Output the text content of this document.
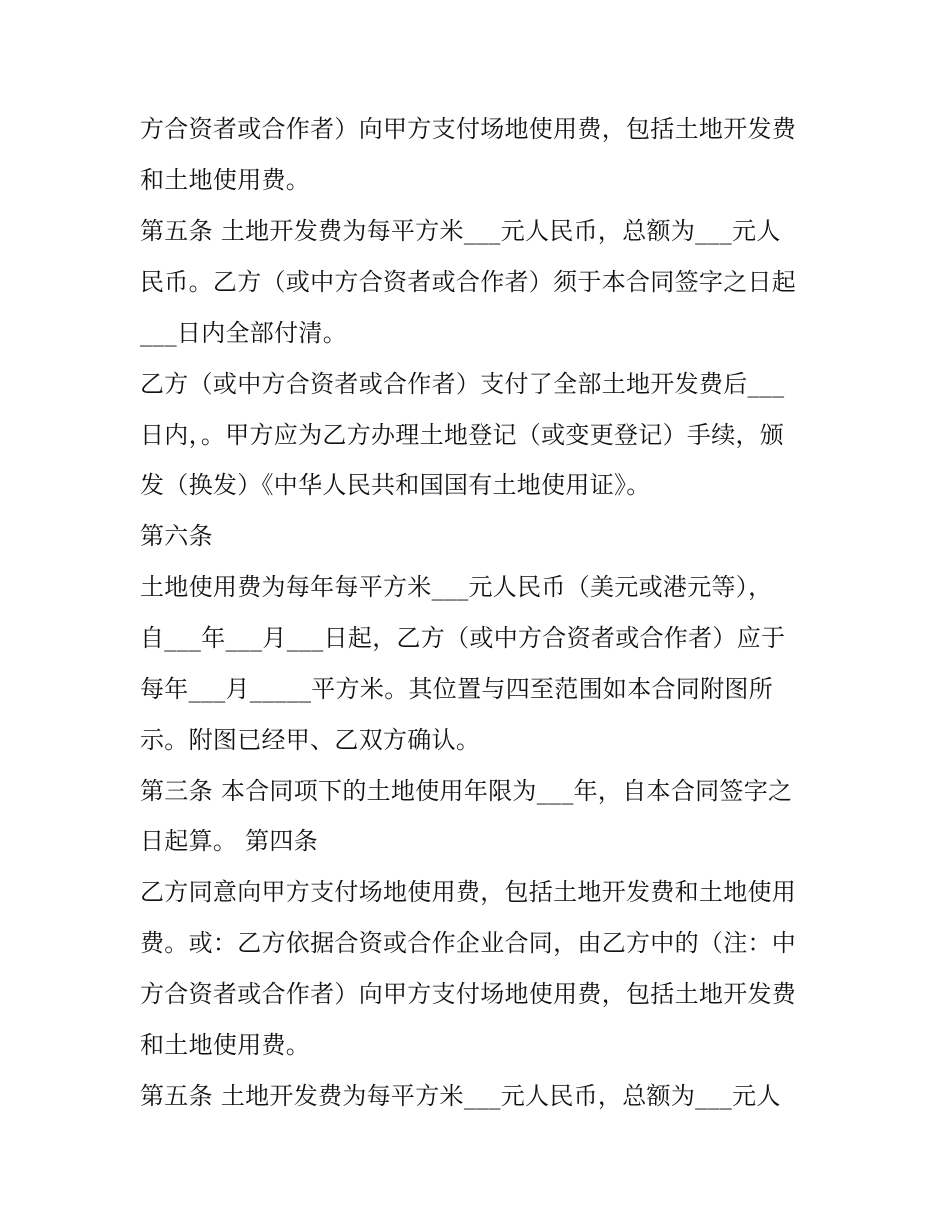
方合资者或合作者）向甲方支付场地使用费，包括土地开发费
和土地使用费。
第五条 土地开发费为每平方米___元人民币，总额为___元人
民币。乙方（或中方合资者或合作者）须于本合同签字之日起
___日内全部付清。
乙方（或中方合资者或合作者）支付了全部土地开发费后___
日内，。甲方应为乙方办理土地登记（或变更登记）手续，颁
发（换发）《中华人民共和国国有土地使用证》。
第六条
土地使用费为每年每平方米___元人民币（美元或港元等），
自___年___月___日起，乙方（或中方合资者或合作者）应于
每年___月_____平方米。其位置与四至范围如本合同附图所
示。附图已经甲、乙双方确认。
第三条 本合同项下的土地使用年限为___年，自本合同签字之
日起算。 第四条
乙方同意向甲方支付场地使用费，包括土地开发费和土地使用
费。或：乙方依据合资或合作企业合同，由乙方中的（注：中
方合资者或合作者）向甲方支付场地使用费，包括土地开发费
和土地使用费。
第五条 土地开发费为每平方米___元人民币，总额为___元人
